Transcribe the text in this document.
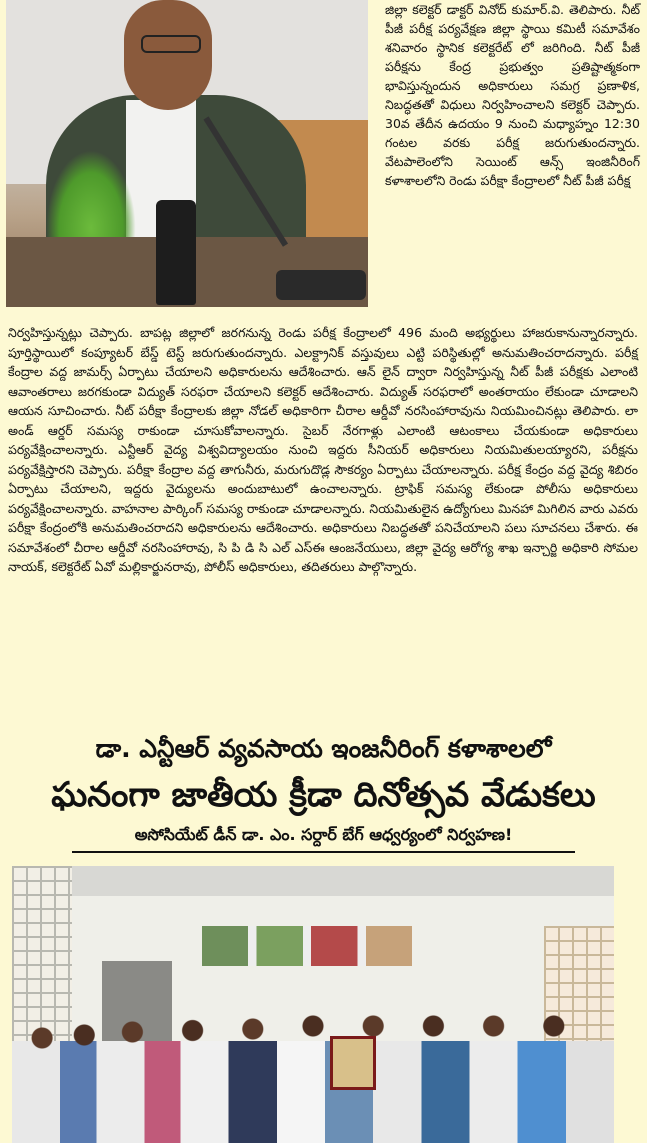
జిల్లా కలెక్టర్ డాక్టర్ వినోద్ కుమార్.వి. తెలిపారు. నీట్ పీజీ పరీక్ష పర్యవేక్షణ జిల్లా స్థాయి కమిటీ సమావేశం శనివారం స్థానిక కలెక్టరేట్ లో జరిగింది. నీట్ పీజీ పరీక్షను కేంద్ర ప్రభుత్వం ప్రతిష్టాత్మకంగా భావిస్తున్నందున అధికారులు సమగ్ర ప్రణాళిక, నిబద్ధతతో విధులు నిర్వహించాలని కలెక్టర్ చెప్పారు. 30వ తేదీన ఉదయం 9 నుంచి మధ్యాహ్నం 12:30 గంటల వరకు పరీక్ష జరుగుతుందన్నారు. వేటపాలెంలోని సెయింట్ ఆన్స్ ఇంజినీరింగ్ కళాశాలలోని రెండు పరీక్షా కేంద్రాలలో నీట్ పీజీ పరీక్ష

నిర్వహిస్తున్నట్లు చెప్పారు. బాపట్ల జిల్లాలో జరగనున్న రెండు పరీక్ష కేంద్రాలలో 496 మంది అభ్యర్థులు హాజరుకానున్నారన్నారు. పూర్తిస్థాయిలో కంప్యూటర్ బేస్డ్ టెస్ట్ జరుగుతుందన్నారు. ఎలక్ట్రానిక్ వస్తువులు ఎట్టి పరిస్థితుల్లో అనుమతించరాదన్నారు. పరీక్ష కేంద్రాల వద్ద జామర్స్ ఏర్పాటు చేయాలని అధికారులను ఆదేశించారు. ఆన్ లైన్ ద్వారా నిర్వహిస్తున్న నీట్ పీజీ పరీక్షకు ఎలాంటి ఆవాంతరాలు జరగకుండా విద్యుత్ సరఫరా చేయాలని కలెక్టర్ ఆదేశించారు. విద్యుత్ సరఫరాలో అంతరాయం లేకుండా చూడాలని ఆయన సూచించారు. నీట్ పరీక్షా కేంద్రాలకు జిల్లా నోడల్ అధికారిగా చీరాల ఆర్డీవో నరసింహారావును నియమించినట్లు తెలిపారు. లా అండ్ ఆర్డర్ సమస్య రాకుండా చూసుకోవాలన్నారు. సైబర్ నేరగాళ్లు ఎలాంటి ఆటంకాలు చేయకుండా అధికారులు పర్యవేక్షించాలన్నారు. ఎన్టీఆర్ వైద్య విశ్వవిద్యాలయం నుంచి ఇద్దరు సీనియర్ అధికారులు నియమితులయ్యారని, పరీక్షను పర్యవేక్షిస్తారని చెప్పారు. పరీక్షా కేంద్రాల వద్ద తాగునీరు, మరుగుదొడ్ల సౌకర్యం ఏర్పాటు చేయాలన్నారు. పరీక్ష కేంద్రం వద్ద వైద్య శిబిరం ఏర్పాటు చేయాలని, ఇద్దరు వైద్యులను అందుబాటులో ఉంచాలన్నారు. ట్రాఫిక్ సమస్య లేకుండా పోలీసు అధికారులు పర్యవేక్షించాలన్నారు. వాహనాల పార్కింగ్ సమస్య రాకుండా చూడాలన్నారు. నియమితులైన ఉద్యోగులు మినహా మిగిలిన వారు ఎవరు పరీక్షా కేంద్రంలోకి అనుమతించరాదని అధికారులను ఆదేశించారు. అధికారులు నిబద్ధతతో పనిచేయాలని పలు సూచనలు చేశారు. ఈ సమావేశంలో చీరాల ఆర్డీవో నరసింహారావు, సి పి డి సి ఎల్ ఎస్ఈ ఆంజనేయులు, జిల్లా వైద్య ఆరోగ్య శాఖ ఇన్చార్జి అధికారి సోమల నాయక్, కలెక్టరేట్ ఏవో మల్లికార్జునరావు, పోలీస్ అధికారులు, తదితరులు పాల్గొన్నారు.

డా. ఎన్టీఆర్ వ్యవసాయ ఇంజనీరింగ్ కళాశాలలో
ఘనంగా జాతీయ క్రీడా దినోత్సవ వేడుకలు

అసోసియేట్ డీన్ డా. ఎం. సర్దార్ బేగ్ ఆధ్వర్యంలో నిర్వహణ!
